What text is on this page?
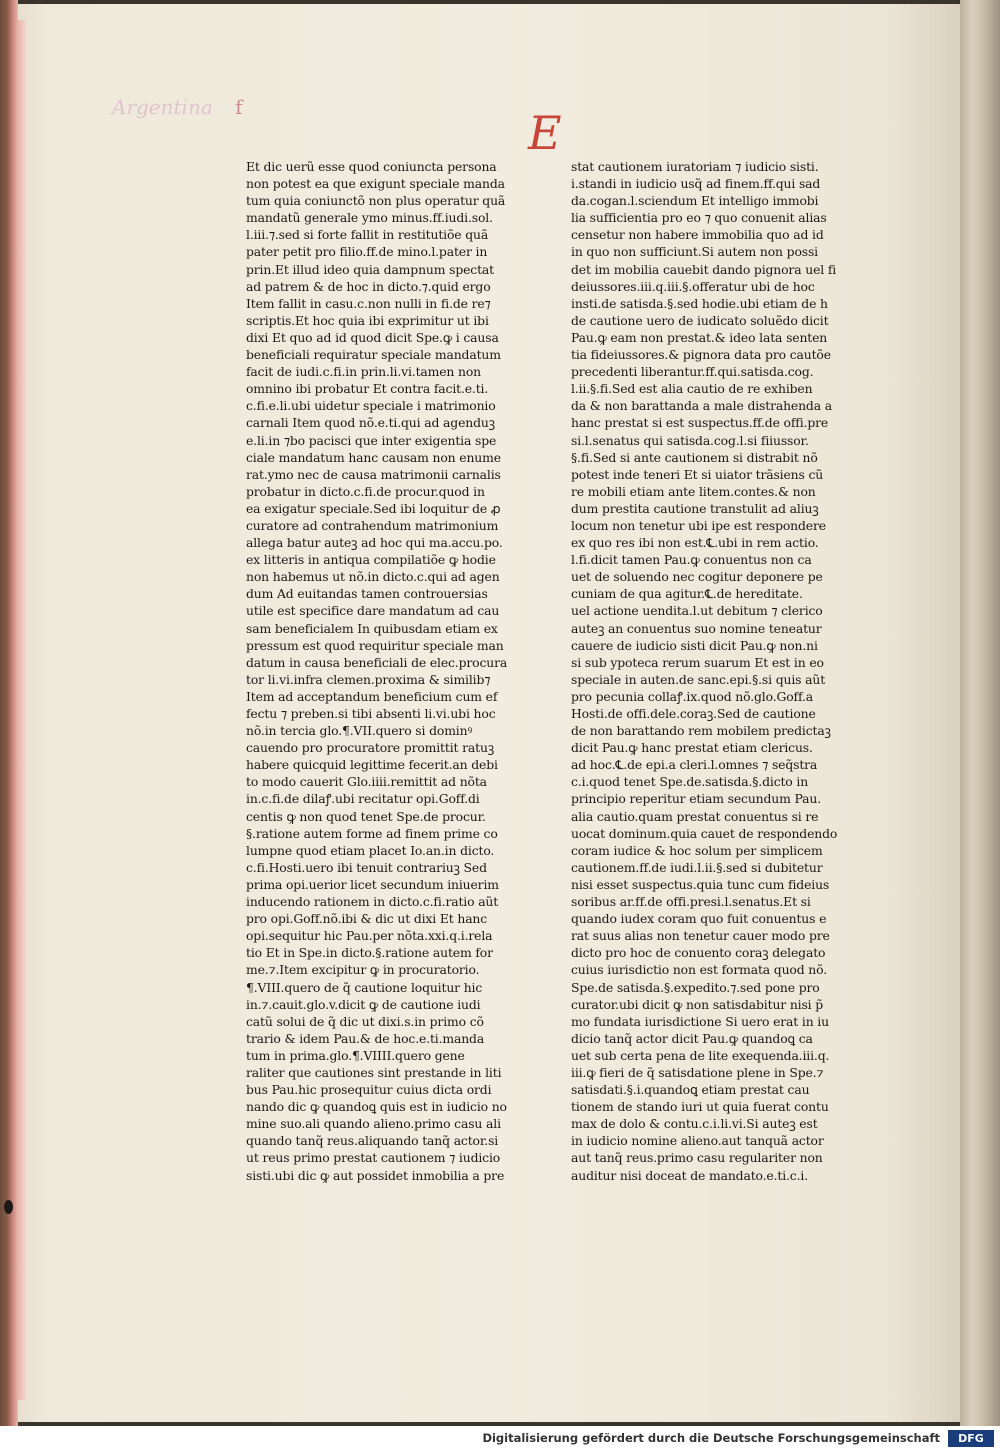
Argentina f	E
Et dic uerũ esse quod coniuncta persona
non potest ea que exigunt speciale manda
tum quia coniunctõ non plus operatur quã
mandatũ generale ymo minus.ff.iudi.sol.
l.iii.⁊.sed si forte fallit in restitutiõe quã
pater petit pro filio.ff.de mino.l.pater in
prin.Et illud ideo quia dampnum spectat
ad patrem & de hoc in dicto.⁊.quid ergo
Item fallit in casu.c.non nulli in fi.de re⁊
scriptis.Et hoc quia ibi exprimitur ut ibi
dixi Et quo ad id quod dicit Spe.ꝙ i causa
beneficiali requiratur speciale mandatum
facit de iudi.c.fi.in prin.li.vi.tamen non
omnino ibi probatur Et contra facit.e.ti.
c.fi.e.li.ubi uidetur speciale i matrimonio
carnali Item quod nõ.e.ti.qui ad agenduꝫ
e.li.in ⁊bo pacisci que inter exigentia spe
ciale mandatum hanc causam non enume
rat.ymo nec de causa matrimonii carnalis
probatur in dicto.c.fi.de procur.quod in
ea exigatur speciale.Sed ibi loquitur de ꝓ
curatore ad contrahendum matrimonium
allega batur auteꝫ ad hoc qui ma.accu.po.
ex litteris in antiqua compilatiõe ꝙ hodie
non habemus ut nõ.in dicto.c.qui ad agen
dum Ad euitandas tamen controuersias
utile est specifice dare mandatum ad cau
sam beneficialem In quibusdam etiam ex
pressum est quod requiritur speciale man
datum in causa beneficiali de elec.procura
tor li.vi.infra clemen.proxima & similib⁊
Item ad acceptandum beneficium cum ef
fectu ⁊ preben.si tibi absenti li.vi.ubi hoc
nõ.in tercia glo.¶.VII.quero si dominꝰ
cauendo pro procuratore promittit ratuꝫ
habere quicquid legittime fecerit.an debi
to modo cauerit Glo.iiii.remittit ad nõta
in.c.fi.de dilaꝭ.ubi recitatur opi.Goff.di
centis ꝙ non quod tenet Spe.de procur.
§.ratione autem forme ad finem prime co
lumpne quod etiam placet Io.an.in dicto.
c.fi.Hosti.uero ibi tenuit contrariuꝫ Sed
prima opi.uerior licet secundum iniuerim
inducendo rationem in dicto.c.fi.ratio aũt
pro opi.Goff.nõ.ibi & dic ut dixi Et hanc
opi.sequitur hic Pau.per nõta.xxi.q.i.rela
tio Et in Spe.in dicto.§.ratione autem for
me.⁊.Item excipitur ꝙ in procuratorio.
¶.VIII.quero de q̃ cautione loquitur hic
in.⁊.cauit.glo.v.dicit ꝙ de cautione iudi
catũ solui de q̃ dic ut dixi.s.in primo cõ
trario & idem Pau.& de hoc.e.ti.manda
tum in prima.glo.¶.VIIII.quero gene
raliter que cautiones sint prestande in liti
bus Pau.hic prosequitur cuius dicta ordi
nando dic ꝙ quandoꝗ quis est in iudicio no
mine suo.ali quando alieno.primo casu ali
quando tanq̃ reus.aliquando tanq̃ actor.si
ut reus primo prestat cautionem ⁊ iudicio
sisti.ubi dic ꝙ aut possidet inmobilia a pre
stat cautionem iuratoriam ⁊ iudicio sisti.
i.standi in iudicio usq̃ ad finem.ff.qui sad
da.cogan.l.sciendum Et intelligo immobi
lia sufficientia pro eo ⁊ quo conuenit alias
censetur non habere immobilia quo ad id
in quo non sufficiunt.Si autem non possi
det im mobilia cauebit dando pignora uel fi
deiussores.iii.q.iii.§.offeratur ubi de hoc
insti.de satisda.§.sed hodie.ubi etiam de h
de cautione uero de iudicato soluẽdo dicit
Pau.ꝙ eam non prestat.& ideo lata senten
tia fideiussores.& pignora data pro cautõe
precedenti liberantur.ff.qui.satisda.cog.
l.ii.§.fi.Sed est alia cautio de re exhiben
da & non barattanda a male distrahenda a
hanc prestat si est suspectus.ff.de offi.pre
si.l.senatus qui satisda.cog.l.si fiiussor.
§.fi.Sed si ante cautionem si distrabit nõ
potest inde teneri Et si uiator trãsiens cũ
re mobili etiam ante litem.contes.& non
dum prestita cautione transtulit ad aliuꝫ
locum non tenetur ubi ipe est respondere
ex quo res ibi non est.℄.ubi in rem actio.
l.fi.dicit tamen Pau.ꝙ conuentus non ca
uet de soluendo nec cogitur deponere pe
cuniam de qua agitur.℄.de hereditate.
uel actione uendita.l.ut debitum ⁊ clerico
auteꝫ an conuentus suo nomine teneatur
cauere de iudicio sisti dicit Pau.ꝙ non.ni
si sub ypoteca rerum suarum Et est in eo
speciale in auten.de sanc.epi.§.si quis aũt
pro pecunia collaꝭ.ix.quod nõ.glo.Goff.a
Hosti.de offi.dele.coraꝫ.Sed de cautione
de non barattando rem mobilem predictaꝫ
dicit Pau.ꝙ hanc prestat etiam clericus.
ad hoc.℄.de epi.a cleri.l.omnes ⁊ seq̃stra
c.i.quod tenet Spe.de.satisda.§.dicto in
principio reperitur etiam secundum Pau.
alia cautio.quam prestat conuentus si re
uocat dominum.quia cauet de respondendo
coram iudice & hoc solum per simplicem
cautionem.ff.de iudi.l.ii.§.sed si dubitetur
nisi esset suspectus.quia tunc cum fideius
soribus ar.ff.de offi.presi.l.senatus.Et si
quando iudex coram quo fuit conuentus e
rat suus alias non tenetur cauer modo pre
dicto pro hoc de conuento coraꝫ delegato
cuius iurisdictio non est formata quod nõ.
Spe.de satisda.§.expedito.⁊.sed pone pro
curator.ubi dicit ꝙ non satisdabitur nisi p̃
mo fundata iurisdictione Si uero erat in iu
dicio tanq̃ actor dicit Pau.ꝙ quandoꝗ ca
uet sub certa pena de lite exequenda.iii.q.
iii.ꝙ fieri de q̃ satisdatione plene in Spe.⁊
satisdati.§.i.quandoꝗ etiam prestat cau
tionem de stando iuri ut quia fuerat contu
max de dolo & contu.c.i.li.vi.Si auteꝫ est
in iudicio nomine alieno.aut tanquã actor
aut tanq̃ reus.primo casu regulariter non
auditur nisi doceat de mandato.e.ti.c.i.
Digitalisierung gefördert durch die Deutsche Forschungsgemeinschaft	DFG
